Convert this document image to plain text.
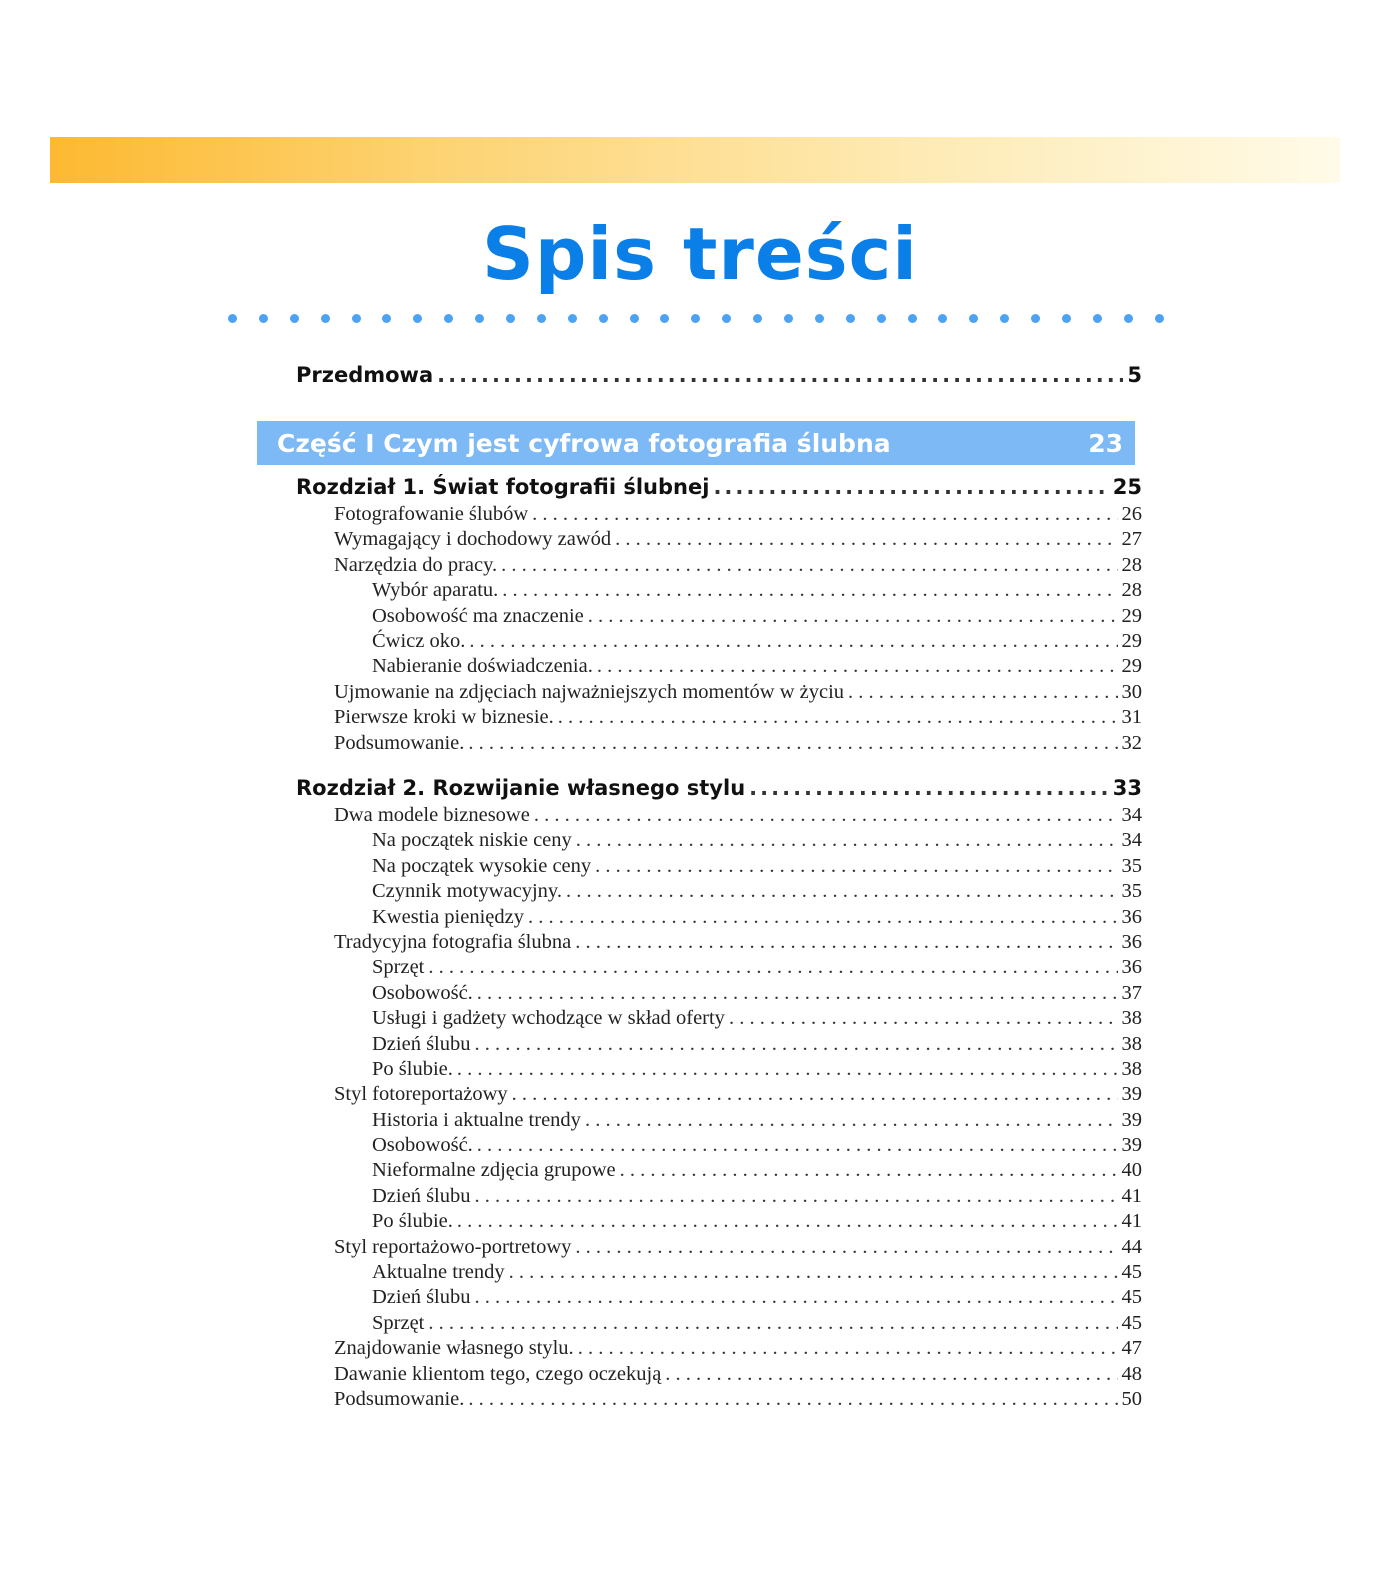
Spis treści
Przedmowa .....	5
Część I Czym jest cyfrowa fotografia ślubna	23
Rozdział 1. Świat fotografii ślubnej .....	25
Fotografowanie ślubów . . .	26
Wymagający i dochodowy zawód . . .	27
Narzędzia do pracy. . . .	28
Wybór aparatu. . . .	28
Osobowość ma znaczenie . . .	29
Ćwicz oko. . . .	29
Nabieranie doświadczenia. . . .	29
Ujmowanie na zdjęciach najważniejszych momentów w życiu . . .	30
Pierwsze kroki w biznesie. . . .	31
Podsumowanie. . . .	32
Rozdział 2. Rozwijanie własnego stylu .....	33
Dwa modele biznesowe . . .	34
Na początek niskie ceny . . .	34
Na początek wysokie ceny . . .	35
Czynnik motywacyjny. . . .	35
Kwestia pieniędzy . . .	36
Tradycyjna fotografia ślubna . . .	36
Sprzęt . . .	36
Osobowość. . . .	37
Usługi i gadżety wchodzące w skład oferty . . .	38
Dzień ślubu . . .	38
Po ślubie. . . .	38
Styl fotoreportażowy . . .	39
Historia i aktualne trendy . . .	39
Osobowość. . . .	39
Nieformalne zdjęcia grupowe . . .	40
Dzień ślubu . . .	41
Po ślubie. . . .	41
Styl reportażowo-portretowy . . .	44
Aktualne trendy . . .	45
Dzień ślubu . . .	45
Sprzęt . . .	45
Znajdowanie własnego stylu. . . .	47
Dawanie klientom tego, czego oczekują . . .	48
Podsumowanie. . . .	50
